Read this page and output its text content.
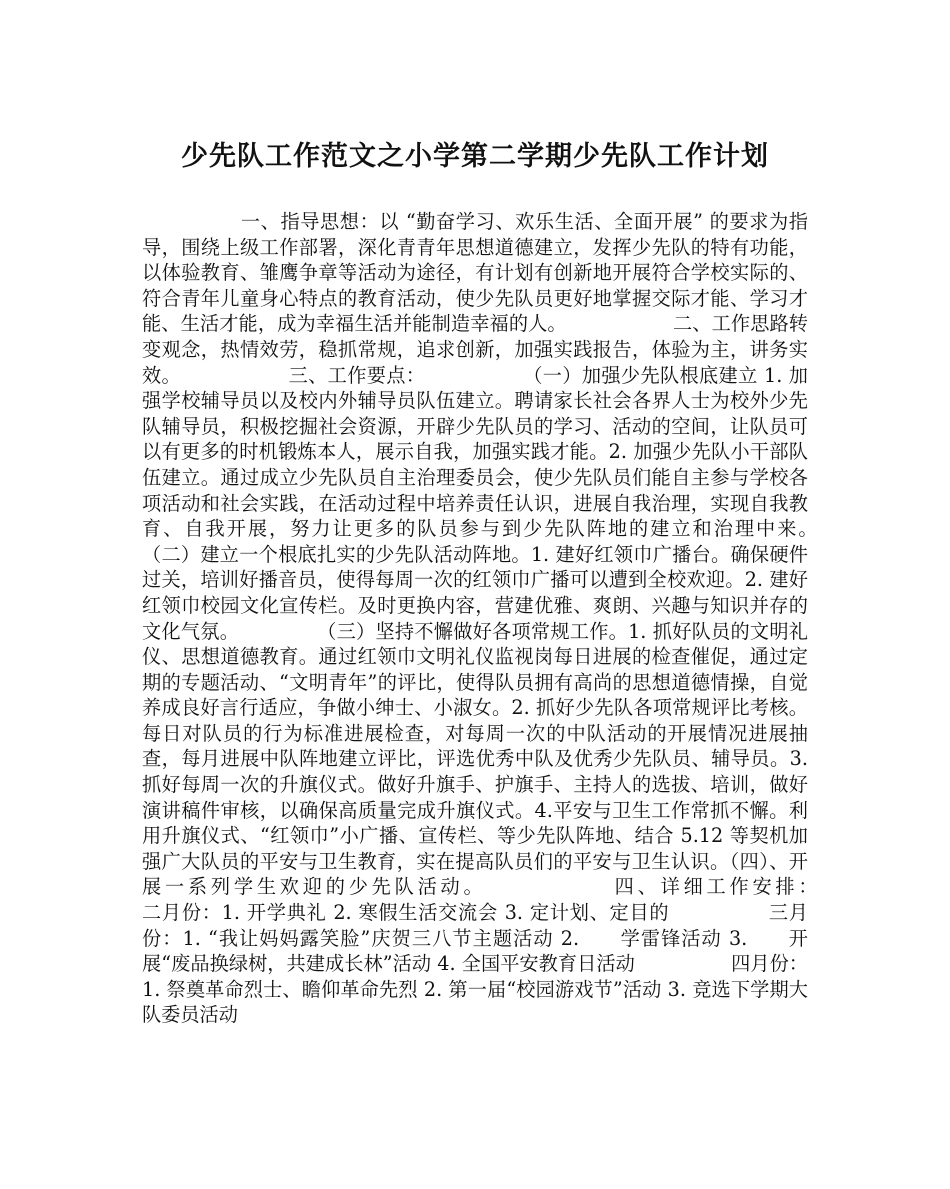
少先队工作范文之小学第二学期少先队工作计划

　　　　　一、指导思想：以 “勤奋学习、欢乐生活、全面开展” 的要求为指导，围绕上级工作部署，深化青青年思想道德建立，发挥少先队的特有功能，以体验教育、雏鹰争章等活动为途径，有计划有创新地开展符合学校实际的、符合青年儿童身心特点的教育活动，使少先队员更好地掌握交际才能、学习才能、生活才能，成为幸福生活并能制造幸福的人。　　　　　　二、工作思路转变观念，热情效劳，稳抓常规，追求创新，加强实践报告，体验为主，讲务实效。　　　　　　三、工作要点：　　　　　　（一）加强少先队根底建立 1. 加强学校辅导员以及校内外辅导员队伍建立。聘请家长社会各界人士为校外少先队辅导员，积极挖掘社会资源，开辟少先队员的学习、活动的空间，让队员可以有更多的时机锻炼本人，展示自我，加强实践才能。2. 加强少先队小干部队伍建立。通过成立少先队员自主治理委员会，使少先队员们能自主参与学校各项活动和社会实践，在活动过程中培养责任认识，进展自我治理，实现自我教育、自我开展，努力让更多的队员参与到少先队阵地的建立和治理中来。　　　　　　（二）建立一个根底扎实的少先队活动阵地。1. 建好红领巾广播台。确保硬件过关，培训好播音员，使得每周一次的红领巾广播可以遭到全校欢迎。2. 建好红领巾校园文化宣传栏。及时更换内容，营建优雅、爽朗、兴趣与知识并存的文化气氛。　　　　　（三）坚持不懈做好各项常规工作。1. 抓好队员的文明礼仪、思想道德教育。通过红领巾文明礼仪监视岗每日进展的检查催促，通过定期的专题活动、“文明青年”的评比，使得队员拥有高尚的思想道德情操，自觉养成良好言行适应，争做小绅士、小淑女。2. 抓好少先队各项常规评比考核。每日对队员的行为标准进展检查，对每周一次的中队活动的开展情况进展抽查，每月进展中队阵地建立评比，评选优秀中队及优秀少先队员、辅导员。3. 抓好每周一次的升旗仪式。做好升旗手、护旗手、主持人的选拔、培训，做好演讲稿件审核，以确保高质量完成升旗仪式。4.平安与卫生工作常抓不懈。利用升旗仪式、“红领巾”小广播、宣传栏、等少先队阵地、结合 5.12 等契机加强广大队员的平安与卫生教育，实在提高队员们的平安与卫生认识。（四）、开展一系列学生欢迎的少先队活动。　　　　　　四、详细工作安排：　　　　　二月份：1. 开学典礼 2. 寒假生活交流会 3. 定计划、定目的　　　　　三月份：1. “我让妈妈露笑脸”庆贺三八节主题活动 2.　　学雷锋活动 3.　　开展“废品换绿树，共建成长林”活动 4. 全国平安教育日活动　　　　　四月份：1. 祭奠革命烈士、瞻仰革命先烈 2. 第一届“校园游戏节”活动 3. 竞选下学期大队委员活动
